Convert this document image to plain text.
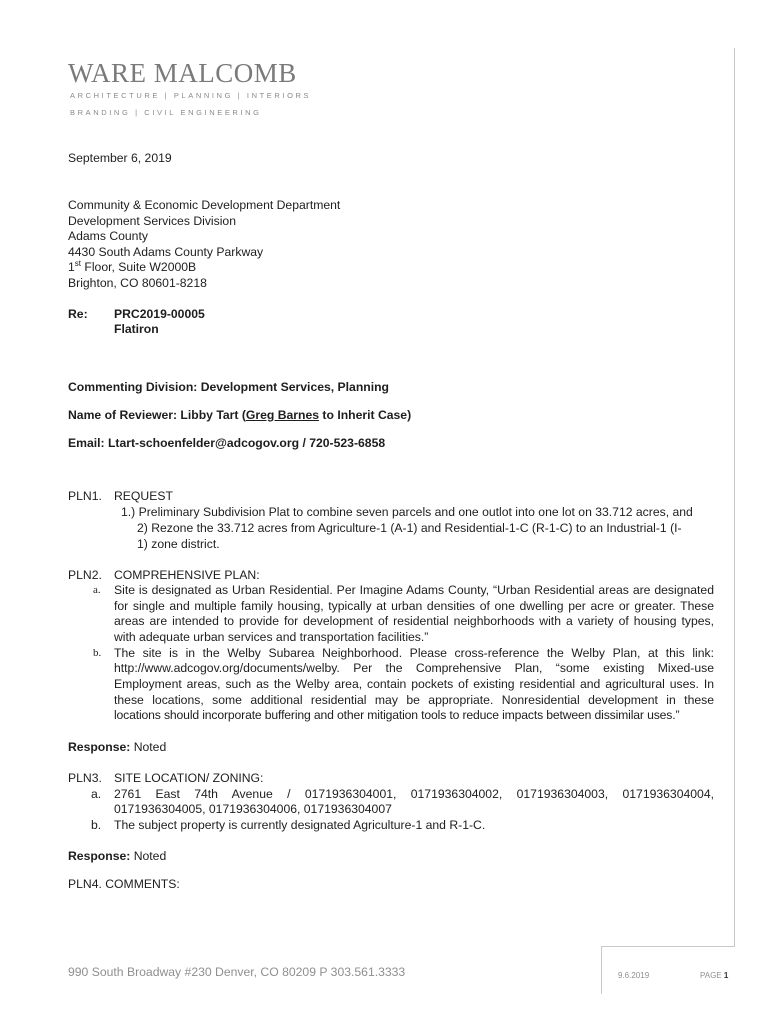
WARE MALCOMB
ARCHITECTURE | PLANNING | INTERIORS
BRANDING | CIVIL ENGINEERING
September 6, 2019
Community & Economic Development Department
Development Services Division
Adams County
4430 South Adams County Parkway
1st Floor, Suite W2000B
Brighton, CO 80601-8218
Re: PRC2019-00005
Flatiron
Commenting Division: Development Services, Planning
Name of Reviewer: Libby Tart (Greg Barnes to Inherit Case)
Email: Ltart-schoenfelder@adcogov.org / 720-523-6858
PLN1. REQUEST
1.) Preliminary Subdivision Plat to combine seven parcels and one outlot into one lot on 33.712 acres, and
2) Rezone the 33.712 acres from Agriculture-1 (A-1) and Residential-1-C (R-1-C) to an Industrial-1 (I-
1) zone district.
PLN2. COMPREHENSIVE PLAN:
a. Site is designated as Urban Residential. Per Imagine Adams County, “Urban Residential areas are designated
for single and multiple family housing, typically at urban densities of one dwelling per acre or greater. These
areas are intended to provide for development of residential neighborhoods with a variety of housing types,
with adequate urban services and transportation facilities.”
b. The site is in the Welby Subarea Neighborhood. Please cross-reference the Welby Plan, at this link:
http://www.adcogov.org/documents/welby. Per the Comprehensive Plan, “some existing Mixed-use
Employment areas, such as the Welby area, contain pockets of existing residential and agricultural uses. In
these locations, some additional residential may be appropriate. Nonresidential development in these
locations should incorporate buffering and other mitigation tools to reduce impacts between dissimilar uses.”
Response: Noted
PLN3. SITE LOCATION/ ZONING:
a. 2761 East 74th Avenue / 0171936304001, 0171936304002, 0171936304003, 0171936304004,
0171936304005, 0171936304006, 0171936304007
b. The subject property is currently designated Agriculture-1 and R-1-C.
Response: Noted
PLN4. COMMENTS:
990 South Broadway #230 Denver, CO 80209 P 303.561.3333	9.6.2019	PAGE 1
